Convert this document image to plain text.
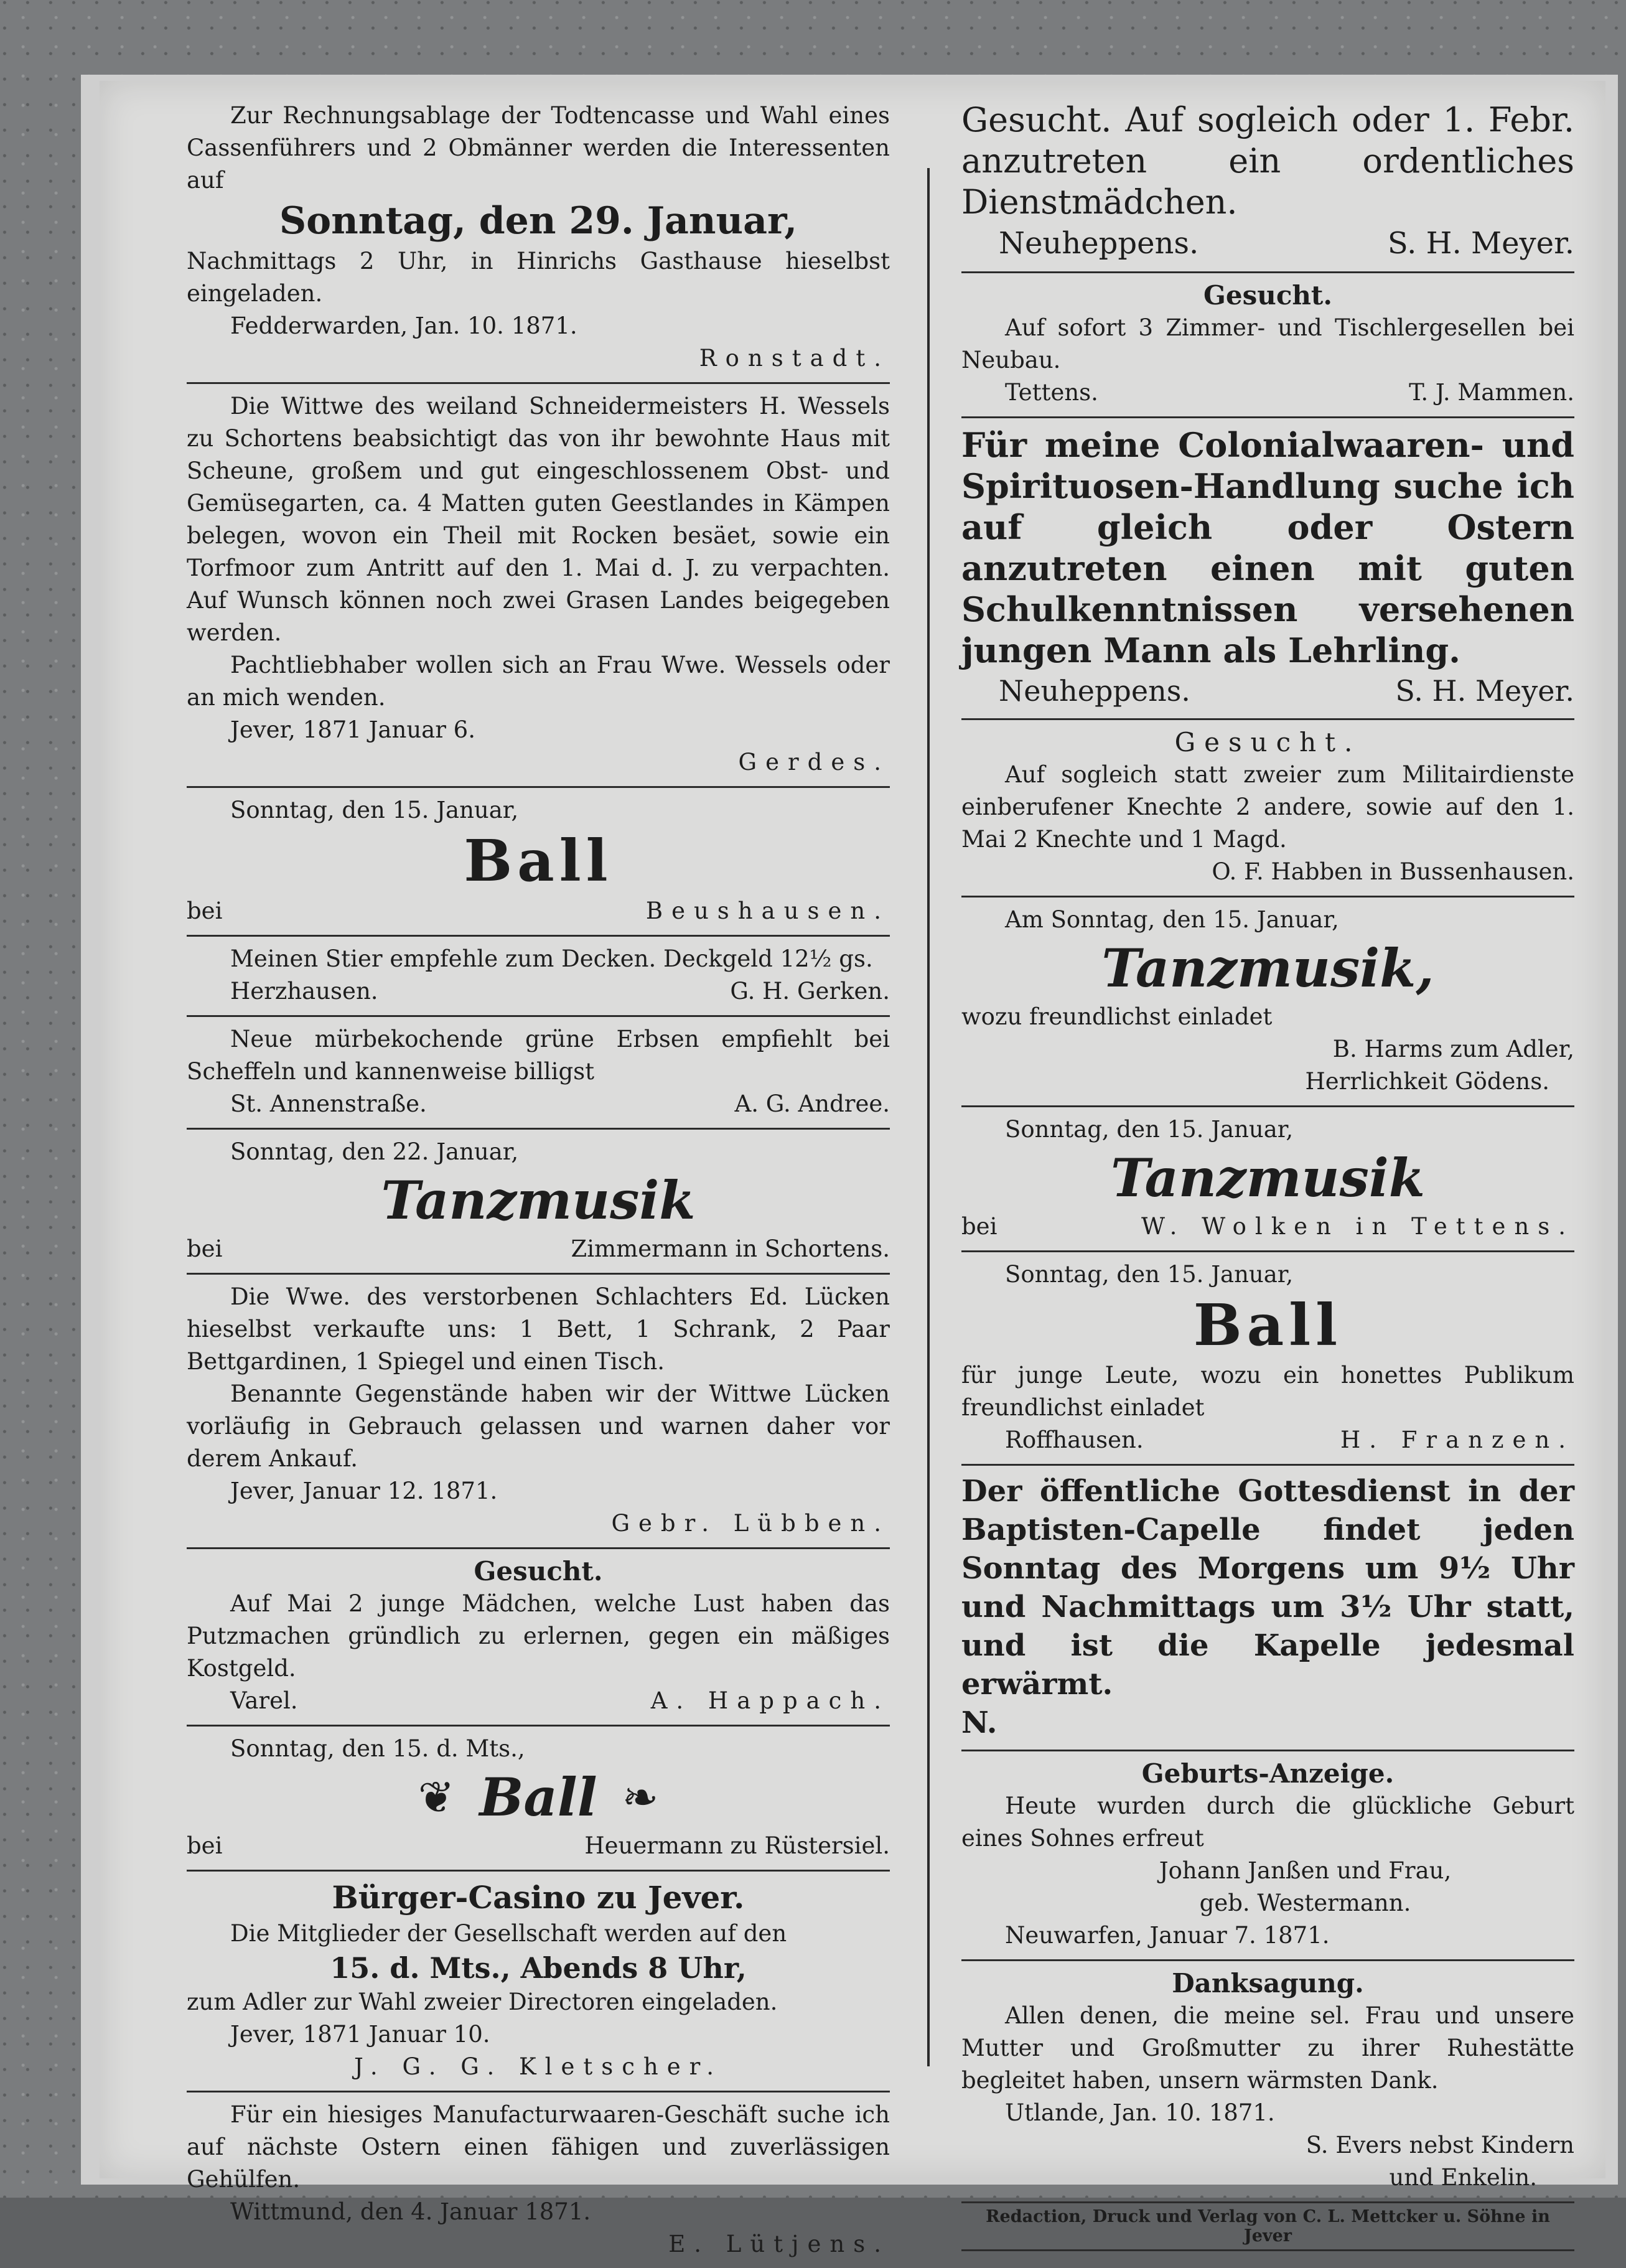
Zur Rechnungsablage der Todtencasse und Wahl eines Cassenführers und 2 Obmänner werden die Interessenten auf

Sonntag, den 29. Januar,

Nachmittags 2 Uhr, in Hinrichs Gasthause hieselbst eingeladen.

Fedderwarden, Jan. 10. 1871.

Ronstadt.

Die Wittwe des weiland Schneidermeisters H. Wessels zu Schortens beabsichtigt das von ihr bewohnte Haus mit Scheune, großem und gut eingeschlossenem Obst- und Gemüsegarten, ca. 4 Matten guten Geestlandes in Kämpen belegen, wovon ein Theil mit Rocken besäet, sowie ein Torfmoor zum Antritt auf den 1. Mai d. J. zu verpachten. Auf Wunsch können noch zwei Grasen Landes beigegeben werden.

Pachtliebhaber wollen sich an Frau Wwe. Wessels oder an mich wenden.

Jever, 1871 Januar 6.

Gerdes.

Sonntag, den 15. Januar,

Ball
bei	Beushausen.

Meinen Stier empfehle zum Decken. Deckgeld 12½ gs.

Herzhausen.	G. H. Gerken.

Neue mürbekochende grüne Erbsen empfiehlt bei Scheffeln und kannenweise billigst

St. Annenstraße.	A. G. Andree.

Sonntag, den 22. Januar,

Tanzmusik
bei	Zimmermann in Schortens.

Die Wwe. des verstorbenen Schlachters Ed. Lücken hieselbst verkaufte uns: 1 Bett, 1 Schrank, 2 Paar Bettgardinen, 1 Spiegel und einen Tisch.

Benannte Gegenstände haben wir der Wittwe Lücken vorläufig in Gebrauch gelassen und warnen daher vor derem Ankauf.

Jever, Januar 12. 1871.

Gebr. Lübben.

Gesucht.

Auf Mai 2 junge Mädchen, welche Lust haben das Putzmachen gründlich zu erlernen, gegen ein mäßiges Kostgeld.

Varel.	A. Happach.

Sonntag, den 15. d. Mts.,

❦ Ball ❧
bei	Heuermann zu Rüstersiel.
Bürger-Casino zu Jever.

Die Mitglieder der Gesellschaft werden auf den

15. d. Mts., Abends 8 Uhr,

zum Adler zur Wahl zweier Directoren eingeladen.

Jever, 1871 Januar 10.

J. G. G. Kletscher.

Für ein hiesiges Manufacturwaaren-Geschäft suche ich auf nächste Ostern einen fähigen und zuverlässigen Gehülfen.

Wittmund, den 4. Januar 1871.

E. Lütjens.

Gesucht. Auf sogleich oder 1. Febr. anzutreten ein ordentliches Dienstmädchen.

Neuheppens.	S. H. Meyer.
Gesucht.

Auf sofort 3 Zimmer- und Tischlergesellen bei Neubau.

Tettens.	T. J. Mammen.

Für meine Colonialwaaren- und Spirituosen-Handlung suche ich auf gleich oder Ostern anzutreten einen mit guten Schulkenntnissen versehenen jungen Mann als Lehrling.

Neuheppens.	S. H. Meyer.
Gesucht.

Auf sogleich statt zweier zum Militairdienste einberufener Knechte 2 andere, sowie auf den 1. Mai 2 Knechte und 1 Magd.

O. F. Habben in Bussenhausen.

Am Sonntag, den 15. Januar,

Tanzmusik,

wozu freundlichst einladet

B. Harms zum Adler,

Herrlichkeit Gödens.

Sonntag, den 15. Januar,

Tanzmusik
bei	W. Wolken in Tettens.

Sonntag, den 15. Januar,

Ball

für junge Leute, wozu ein honettes Publikum freundlichst einladet

Roffhausen.	H. Franzen.

Der öffentliche Gottesdienst in der Baptisten-Capelle findet jeden Sonntag des Morgens um 9½ Uhr und Nachmittags um 3½ Uhr statt, und ist die Kapelle jedesmal erwärmt.

N.

Geburts-Anzeige.

Heute wurden durch die glückliche Geburt eines Sohnes erfreut

Johann Janßen und Frau,

geb. Westermann.

Neuwarfen, Januar 7. 1871.

Danksagung.

Allen denen, die meine sel. Frau und unsere Mutter und Großmutter zu ihrer Ruhestätte begleitet haben, unsern wärmsten Dank.

Utlande, Jan. 10. 1871.

S. Evers nebst Kindern

und Enkelin.

Redaction, Druck und Verlag von C. L. Mettcker u. Söhne in Jever
